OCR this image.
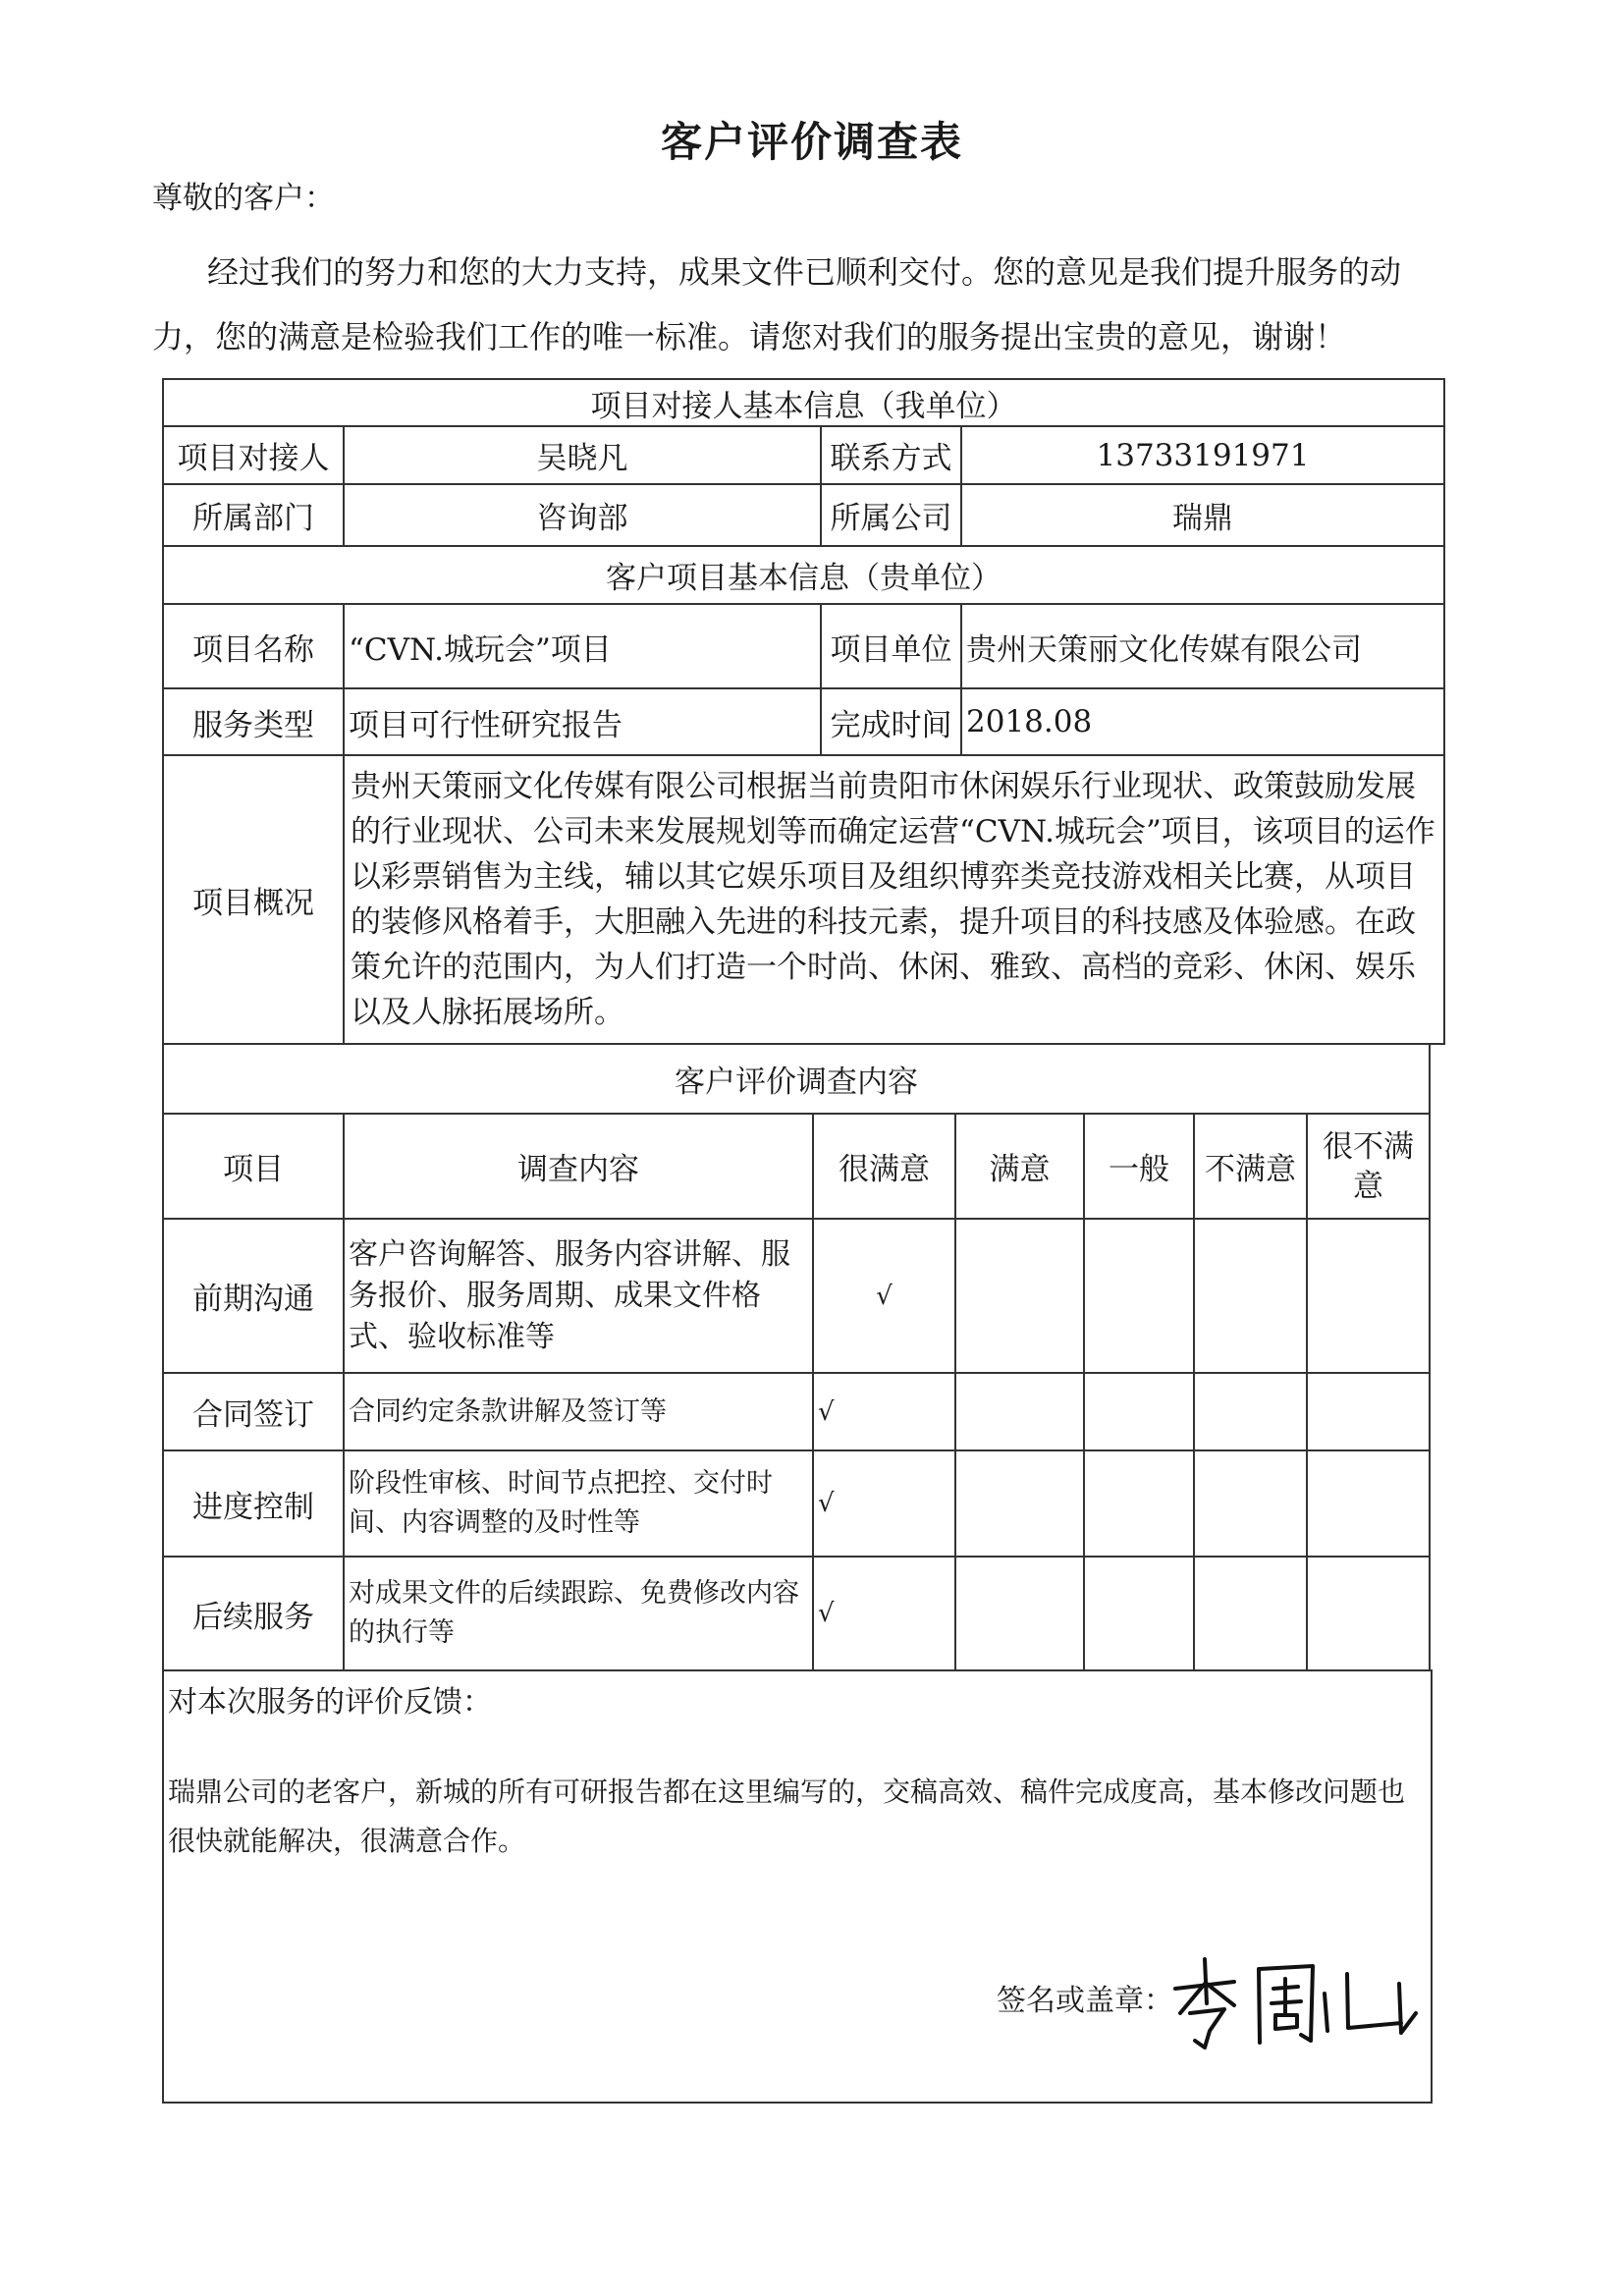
客户评价调查表
尊敬的客户：
经过我们的努力和您的大力支持，成果文件已顺利交付。您的意见是我们提升服务的动力，您的满意是检验我们工作的唯一标准。请您对我们的服务提出宝贵的意见，谢谢！
项目对接人基本信息（我单位）			
项目对接人	吴晓凡	联系方式	13733191971
所属部门	咨询部	所属公司	瑞鼎
客户项目基本信息（贵单位）			
项目名称	“CVN.城玩会”项目	项目单位	贵州天策丽文化传媒有限公司
服务类型	项目可行性研究报告	完成时间	2018.08
项目概况	贵州天策丽文化传媒有限公司根据当前贵阳市休闲娱乐行业现状、政策鼓励发展的行业现状、公司未来发展规划等而确定运营“CVN.城玩会”项目，该项目的运作以彩票销售为主线，辅以其它娱乐项目及组织博弈类竞技游戏相关比赛，从项目的装修风格着手，大胆融入先进的科技元素，提升项目的科技感及体验感。在政策允许的范围内，为人们打造一个时尚、休闲、雅致、高档的竞彩、休闲、娱乐以及人脉拓展场所。		
客户评价调查内容						
项目	调查内容	很满意	满意	一般	不满意	很不满意
前期沟通	客户咨询解答、服务内容讲解、服务报价、服务周期、成果文件格式、验收标准等	√				
合同签订	合同约定条款讲解及签订等	√				
进度控制	阶段性审核、时间节点把控、交付时间、内容调整的及时性等	√				
后续服务	对成果文件的后续跟踪、免费修改内容的执行等	√				
对本次服务的评价反馈：
瑞鼎公司的老客户，新城的所有可研报告都在这里编写的，交稿高效、稿件完成度高，基本修改问题也很快就能解决，很满意合作。
签名或盖章：
